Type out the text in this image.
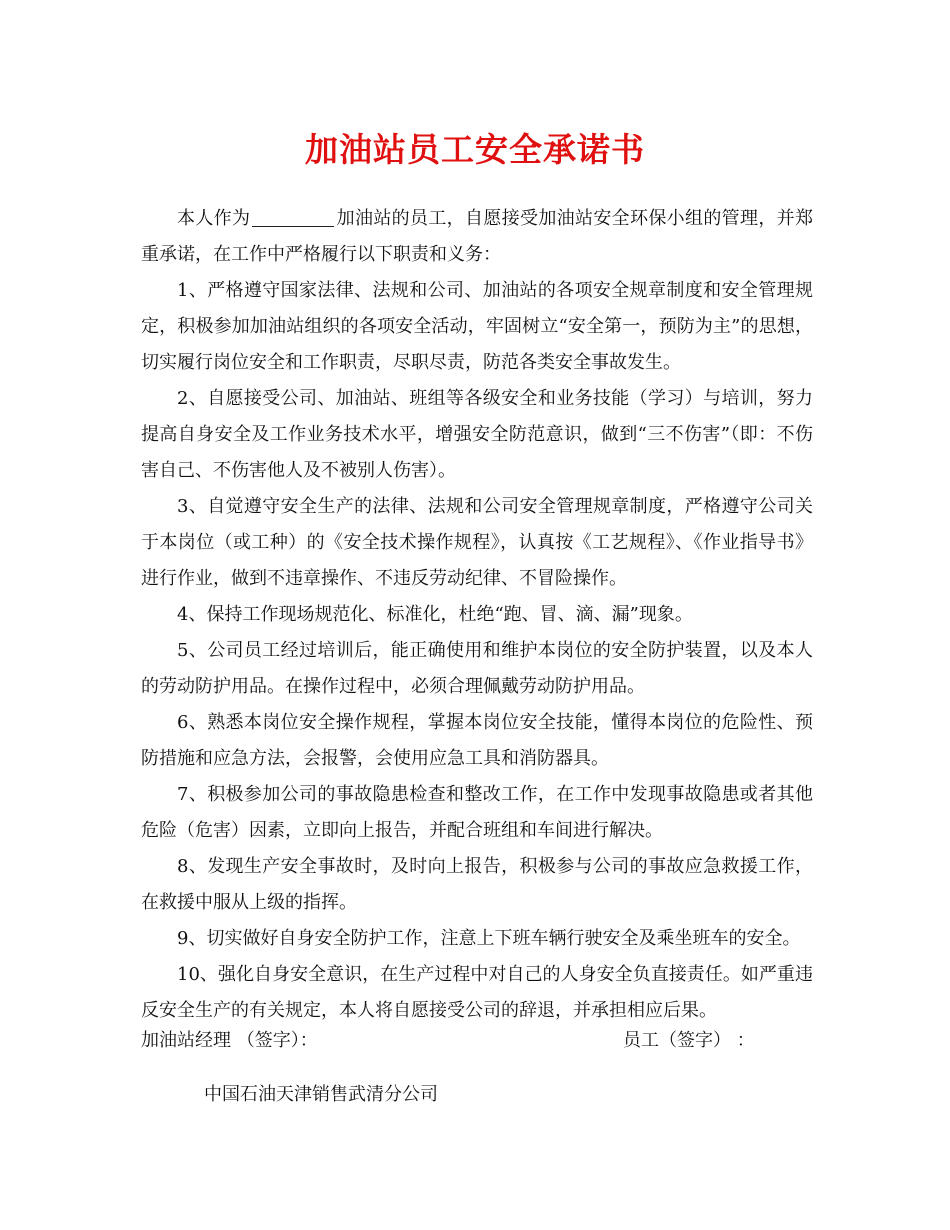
加油站员工安全承诺书

本人作为	加油站的员工，自愿接受加油站安全环保小组的管理，并郑重承诺，在工作中严格履行以下职责和义务：

1、严格遵守国家法律、法规和公司、加油站的各项安全规章制度和安全管理规定，积极参加加油站组织的各项安全活动，牢固树立“安全第一，预防为主”的思想，切实履行岗位安全和工作职责，尽职尽责，防范各类安全事故发生。

2、自愿接受公司、加油站、班组等各级安全和业务技能（学习）与培训，努力提高自身安全及工作业务技术水平，增强安全防范意识，做到“三不伤害”（即：不伤害自己、不伤害他人及不被别人伤害）。

3、自觉遵守安全生产的法律、法规和公司安全管理规章制度，严格遵守公司关于本岗位（或工种）的《安全技术操作规程》，认真按《工艺规程》、《作业指导书》进行作业，做到不违章操作、不违反劳动纪律、不冒险操作。

4、保持工作现场规范化、标准化，杜绝“跑、冒、滴、漏”现象。

5、公司员工经过培训后，能正确使用和维护本岗位的安全防护装置，以及本人的劳动防护用品。在操作过程中，必须合理佩戴劳动防护用品。

6、熟悉本岗位安全操作规程，掌握本岗位安全技能，懂得本岗位的危险性、预防措施和应急方法，会报警，会使用应急工具和消防器具。

7、积极参加公司的事故隐患检查和整改工作，在工作中发现事故隐患或者其他危险（危害）因素，立即向上报告，并配合班组和车间进行解决。

8、发现生产安全事故时，及时向上报告，积极参与公司的事故应急救援工作，在救援中服从上级的指挥。

9、切实做好自身安全防护工作，注意上下班车辆行驶安全及乘坐班车的安全。

10、强化自身安全意识，在生产过程中对自己的人身安全负直接责任。如严重违反安全生产的有关规定，本人将自愿接受公司的辞退，并承担相应后果。

加油站经理 （签字）：	员工（签字） ：
中国石油天津销售武清分公司
